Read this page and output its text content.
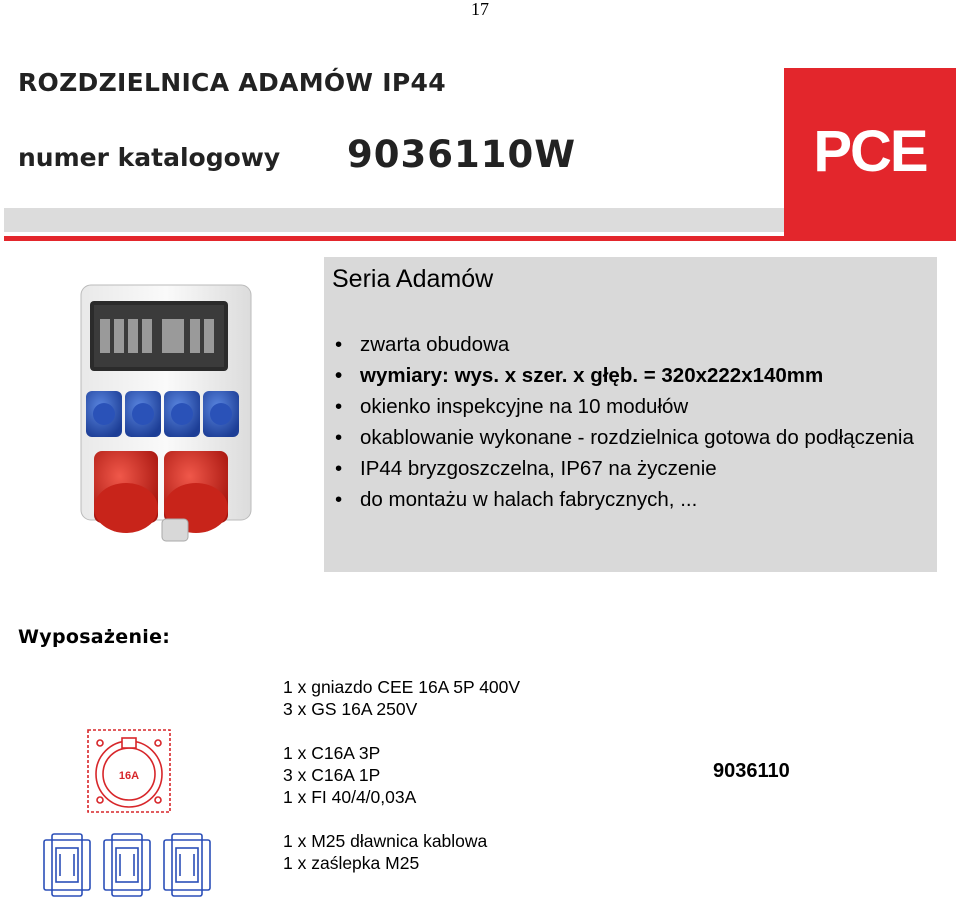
17
ROZDZIELNICA ADAMÓW IP44
numer katalogowy 9036110W	PCE
Seria Adamów
• zwarta obudowa
• wymiary: wys. x szer. x głęb. = 320x222x140mm
• okienko inspekcyjne na 10 modułów
• okablowanie wykonane - rozdzielnica gotowa do podłączenia
• IP44 bryzgoszczelna, IP67 na życzenie
• do montażu w halach fabrycznych, ...
Wyposażenie:
1 x gniazdo CEE 16A 5P 400V
3 x GS 16A 250V
1 x C16A 3P
3 x C16A 1P
1 x FI 40/4/0,03A
1 x M25 dławnica kablowa
1 x zaślepka M25
9036110
16A
